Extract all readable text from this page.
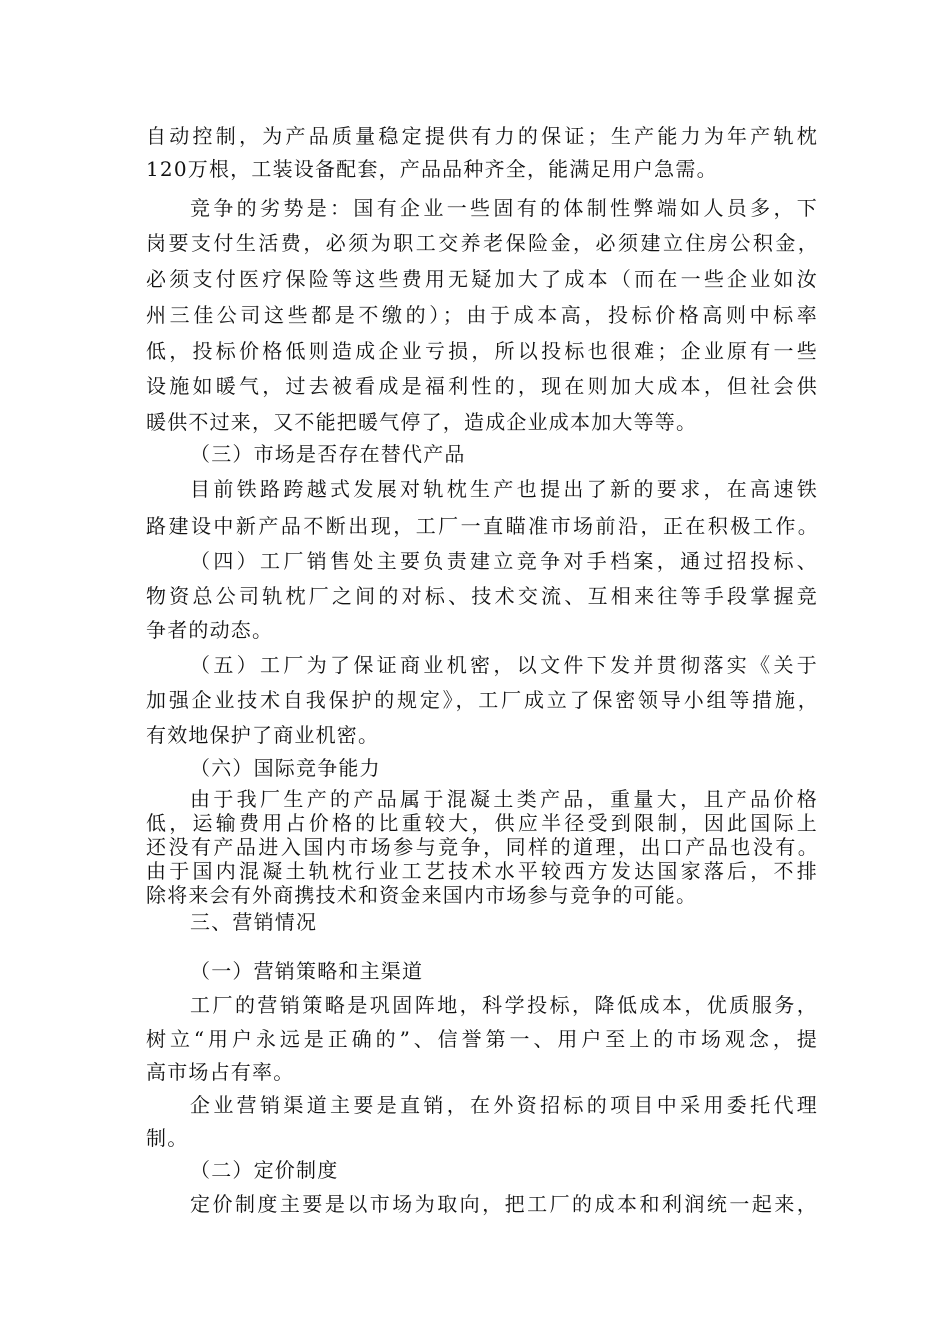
自动控制，为产品质量稳定提供有力的保证；生产能力为年产轨枕
120万根，工装设备配套，产品品种齐全，能满足用户急需。
竞争的劣势是：国有企业一些固有的体制性弊端如人员多，下
岗要支付生活费，必须为职工交养老保险金，必须建立住房公积金，
必须支付医疗保险等这些费用无疑加大了成本（而在一些企业如汝
州三佳公司这些都是不缴的）；由于成本高，投标价格高则中标率
低，投标价格低则造成企业亏损，所以投标也很难；企业原有一些
设施如暖气，过去被看成是福利性的，现在则加大成本，但社会供
暖供不过来，又不能把暖气停了，造成企业成本加大等等。
（三）市场是否存在替代产品
目前铁路跨越式发展对轨枕生产也提出了新的要求，在高速铁
路建设中新产品不断出现，工厂一直瞄准市场前沿，正在积极工作。
（四）工厂销售处主要负责建立竞争对手档案，通过招投标、
物资总公司轨枕厂之间的对标、技术交流、互相来往等手段掌握竞
争者的动态。
（五）工厂为了保证商业机密，以文件下发并贯彻落实《关于
加强企业技术自我保护的规定》，工厂成立了保密领导小组等措施，
有效地保护了商业机密。
（六）国际竞争能力
由于我厂生产的产品属于混凝土类产品，重量大，且产品价格
低，运输费用占价格的比重较大，供应半径受到限制，因此国际上
还没有产品进入国内市场参与竞争，同样的道理，出口产品也没有。
由于国内混凝土轨枕行业工艺技术水平较西方发达国家落后，不排
除将来会有外商携技术和资金来国内市场参与竞争的可能。
三、营销情况
（一）营销策略和主渠道
工厂的营销策略是巩固阵地，科学投标，降低成本，优质服务，
树立“用户永远是正确的”、信誉第一、用户至上的市场观念，提
高市场占有率。
企业营销渠道主要是直销，在外资招标的项目中采用委托代理
制。
（二）定价制度
定价制度主要是以市场为取向，把工厂的成本和利润统一起来，
